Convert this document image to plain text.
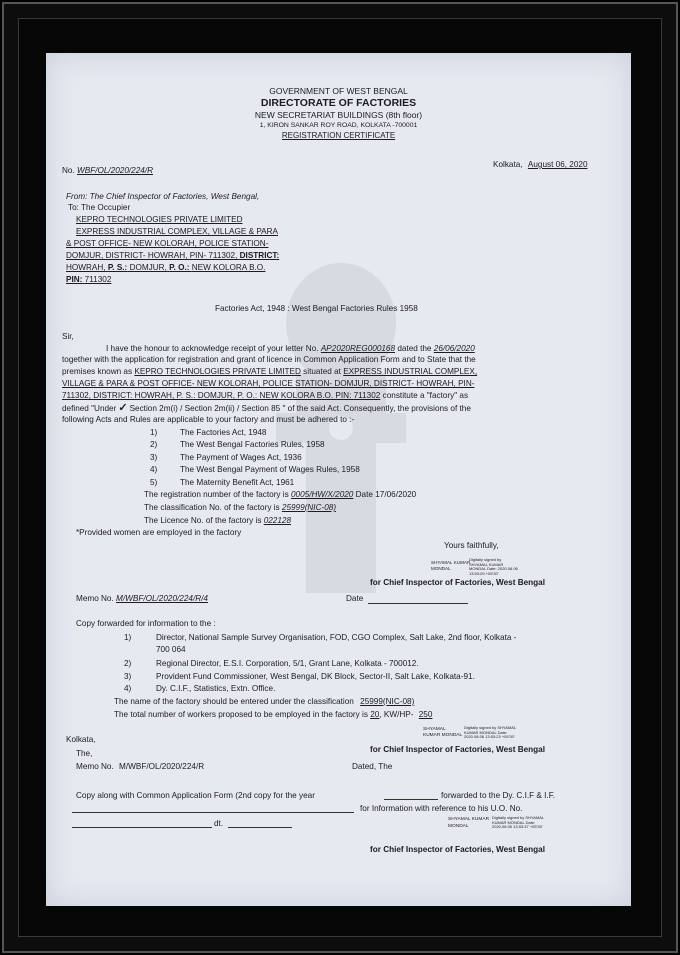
GOVERNMENT OF WEST BENGAL
DIRECTORATE OF FACTORIES
NEW SECRETARIAT BUILDINGS (8th floor)
1, KIRON SANKAR ROY ROAD, KOLKATA -700001
REGISTRATION CERTIFICATE
No. WBF/OL/2020/224/R
Kolkata, August 06, 2020
From: The Chief Inspector of Factories, West Bengal,
To: The Occupier
KEPRO TECHNOLOGIES PRIVATE LIMITED
EXPRESS INDUSTRIAL COMPLEX, VILLAGE & PARA
& POST OFFICE- NEW KOLORAH, POLICE STATION-
DOMJUR, DISTRICT- HOWRAH, PIN- 711302, DISTRICT:
HOWRAH, P. S.: DOMJUR, P. O.: NEW KOLORA B.O.
PIN: 711302
Factories Act, 1948 : West Bengal Factories Rules 1958
Sir,
I have the honour to acknowledge receipt of your letter No. AP2020REG000168 dated the 26/06/2020
together with the application for registration and grant of licence in Common Application Form and to State that the
premises known as KEPRO TECHNOLOGIES PRIVATE LIMITED situated at EXPRESS INDUSTRIAL COMPLEX,
VILLAGE & PARA & POST OFFICE- NEW KOLORAH, POLICE STATION- DOMJUR, DISTRICT- HOWRAH, PIN-
711302, DISTRICT: HOWRAH, P. S.: DOMJUR, P. O.: NEW KOLORA B.O. PIN: 711302 constitute a "factory" as
defined "Under ✓ Section 2m(i) / Section 2m(ii) / Section 85 " of the said Act. Consequently, the provisions of the
following Acts and Rules are applicable to your factory and must be adhered to :-
1)	The Factories Act, 1948
2)	The West Bengal Factories Rules, 1958
3)	The Payment of Wages Act, 1936
4)	The West Bengal Payment of Wages Rules, 1958
5)	The Maternity Benefit Act, 1961
The registration number of the factory is 0005/HW/X/2020 Date 17/06/2020
The classification No. of the factory is 25999(NIC-08)
The Licence No. of the factory is 022128
*Provided women are employed in the factory
Yours faithfully,
SHYAMAL KUMAR
MONDAL
Digitally signed by SHYAMAL KUMAR MONDAL Date: 2020.08.06 13:53:09 +05'30'
for Chief Inspector of Factories, West Bengal
Memo No. M/WBF/OL/2020/224/R/4	Date
Copy forwarded for information to the :
1)	Director, National Sample Survey Organisation, FOD, CGO Complex, Salt Lake, 2nd floor, Kolkata -
700 064
2)	Regional Director, E.S.I. Corporation, 5/1, Grant Lane, Kolkata - 700012.
3)	Provident Fund Commissioner, West Bengal, DK Block, Sector-II, Salt Lake, Kolkata-91.
4)	Dy. C.I.F., Statistics, Extn. Office.
The name of the factory should be entered under the classification 25999(NIC-08)
The total number of workers proposed to be employed in the factory is 20, KW/HP- 250
SHYAMAL
KUMAR MONDAL
Digitally signed by SHYAMAL KUMAR MONDAL Date: 2020.08.06 13:53:23 +05'30'
Kolkata,
for Chief Inspector of Factories, West Bengal
The,
Memo No. M/WBF/OL/2020/224/R	Dated, The
Copy along with Common Application Form (2nd copy for the year	forwarded to the Dy. C.I.F & I.F.
for Information with reference to his U.O. No.
dt.	SHYAMAL KUMAR
MONDAL
Digitally signed by SHYAMAL KUMAR MONDAL Date: 2020.08.06 13:53:37 +05'30'
for Chief Inspector of Factories, West Bengal
